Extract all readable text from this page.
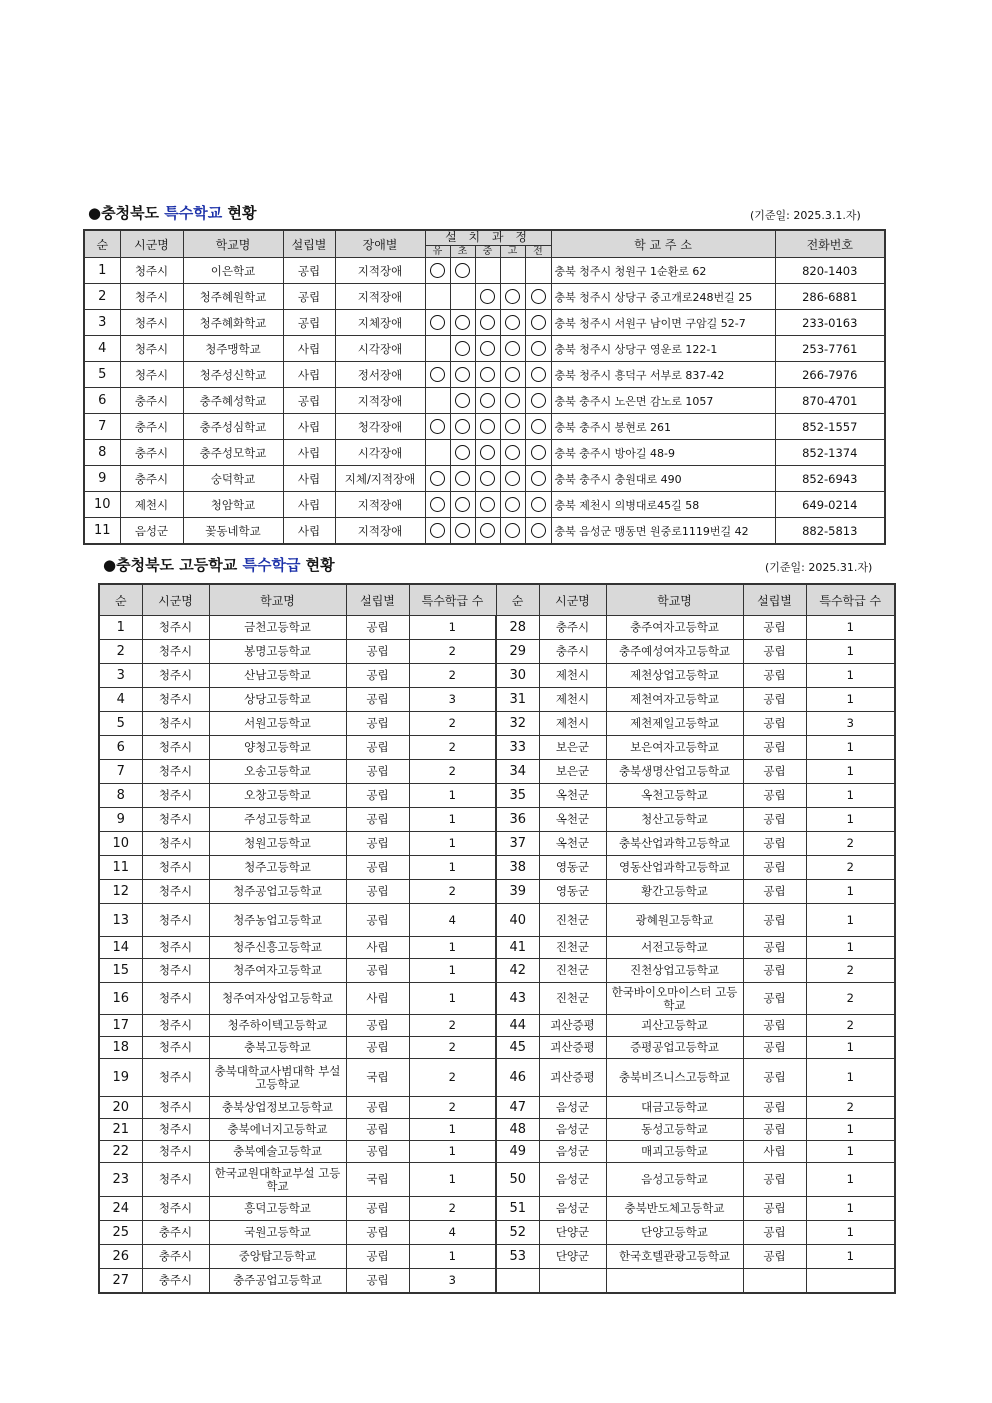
●충청북도 특수학교 현황	(기준일: 2025.3.1.자)
순	시군명	학교명	설립별	장애별	설 치 과 정					학 교 주 소	전화번호
					유	초	중	고	전		
1	청주시	이은학교	공립	지적장애						충북 청주시 청원구 1순환로 62	820-1403
2	청주시	청주혜원학교	공립	지적장애						충북 청주시 상당구 중고개로248번길 25	286-6881
3	청주시	청주혜화학교	공립	지체장애						충북 청주시 서원구 남이면 구암길 52-7	233-0163
4	청주시	청주맹학교	사립	시각장애						충북 청주시 상당구 영운로 122-1	253-7761
5	청주시	청주성신학교	사립	정서장애						충북 청주시 흥덕구 서부로 837-42	266-7976
6	충주시	충주혜성학교	공립	지적장애						충북 충주시 노은면 감노로 1057	870-4701
7	충주시	충주성심학교	사립	청각장애						충북 충주시 봉현로 261	852-1557
8	충주시	충주성모학교	사립	시각장애						충북 충주시 방아길 48-9	852-1374
9	충주시	숭덕학교	사립	지체/지적장애						충북 충주시 충원대로 490	852-6943
10	제천시	청암학교	사립	지적장애						충북 제천시 의병대로45길 58	649-0214
11	음성군	꽃동네학교	사립	지적장애						충북 음성군 맹동면 원중로1119번길 42	882-5813
●충청북도 고등학교 특수학급 현황	(기준일: 2025.31.자)
순	시군명	학교명	설립별	특수학급 수	순	시군명	학교명	설립별	특수학급 수
1	청주시	금천고등학교	공립	1	28	충주시	충주여자고등학교	공립	1
2	청주시	봉명고등학교	공립	2	29	충주시	충주예성여자고등학교	공립	1
3	청주시	산남고등학교	공립	2	30	제천시	제천상업고등학교	공립	1
4	청주시	상당고등학교	공립	3	31	제천시	제천여자고등학교	공립	1
5	청주시	서원고등학교	공립	2	32	제천시	제천제일고등학교	공립	3
6	청주시	양청고등학교	공립	2	33	보은군	보은여자고등학교	공립	1
7	청주시	오송고등학교	공립	2	34	보은군	충북생명산업고등학교	공립	1
8	청주시	오창고등학교	공립	1	35	옥천군	옥천고등학교	공립	1
9	청주시	주성고등학교	공립	1	36	옥천군	청산고등학교	공립	1
10	청주시	청원고등학교	공립	1	37	옥천군	충북산업과학고등학교	공립	2
11	청주시	청주고등학교	공립	1	38	영동군	영동산업과학고등학교	공립	2
12	청주시	청주공업고등학교	공립	2	39	영동군	황간고등학교	공립	1
13	청주시	청주농업고등학교	공립	4	40	진천군	광혜원고등학교	공립	1
14	청주시	청주신흥고등학교	사립	1	41	진천군	서전고등학교	공립	1
15	청주시	청주여자고등학교	공립	1	42	진천군	진천상업고등학교	공립	2
16	청주시	청주여자상업고등학교	사립	1	43	진천군	한국바이오마이스터 고등학교	공립	2
17	청주시	청주하이텍고등학교	공립	2	44	괴산증평	괴산고등학교	공립	2
18	청주시	충북고등학교	공립	2	45	괴산증평	증평공업고등학교	공립	1
19	청주시	충북대학교사범대학 부설고등학교	국립	2	46	괴산증평	충북비즈니스고등학교	공립	1
20	청주시	충북상업정보고등학교	공립	2	47	음성군	대금고등학교	공립	2
21	청주시	충북에너지고등학교	공립	1	48	음성군	동성고등학교	공립	1
22	청주시	충북예술고등학교	공립	1	49	음성군	매괴고등학교	사립	1
23	청주시	한국교원대학교부설 고등학교	국립	1	50	음성군	음성고등학교	공립	1
24	청주시	흥덕고등학교	공립	2	51	음성군	충북반도체고등학교	공립	1
25	충주시	국원고등학교	공립	4	52	단양군	단양고등학교	공립	1
26	충주시	중앙탑고등학교	공립	1	53	단양군	한국호텔관광고등학교	공립	1
27	충주시	충주공업고등학교	공립	3					
